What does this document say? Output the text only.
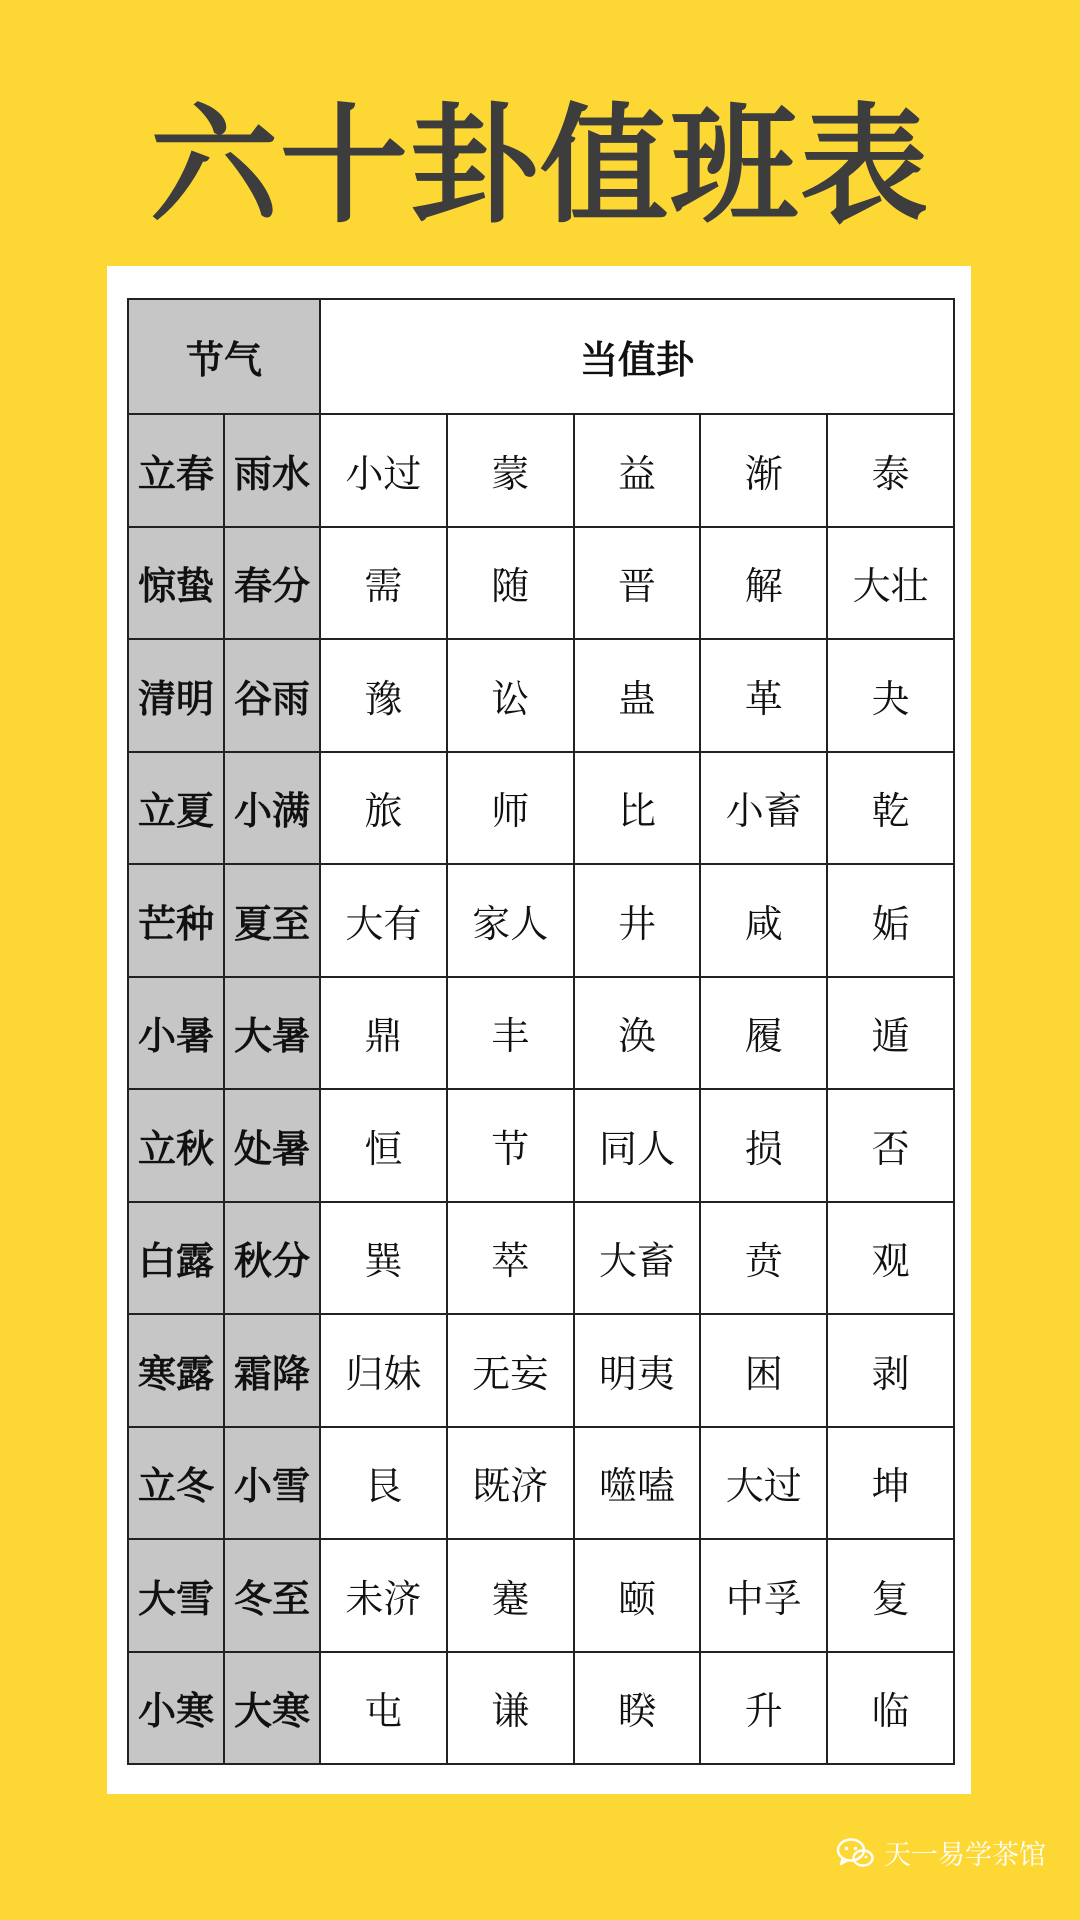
六十卦值班表
节气		当值卦				
立春	雨水	小过	蒙	益	渐	泰
惊蛰	春分	需	随	晋	解	大壮
清明	谷雨	豫	讼	蛊	革	夬
立夏	小满	旅	师	比	小畜	乾
芒种	夏至	大有	家人	井	咸	姤
小暑	大暑	鼎	丰	涣	履	遁
立秋	处暑	恒	节	同人	损	否
白露	秋分	巽	萃	大畜	贲	观
寒露	霜降	归妹	无妄	明夷	困	剥
立冬	小雪	艮	既济	噬嗑	大过	坤
大雪	冬至	未济	蹇	颐	中孚	复
小寒	大寒	屯	谦	睽	升	临
天一易学茶馆
